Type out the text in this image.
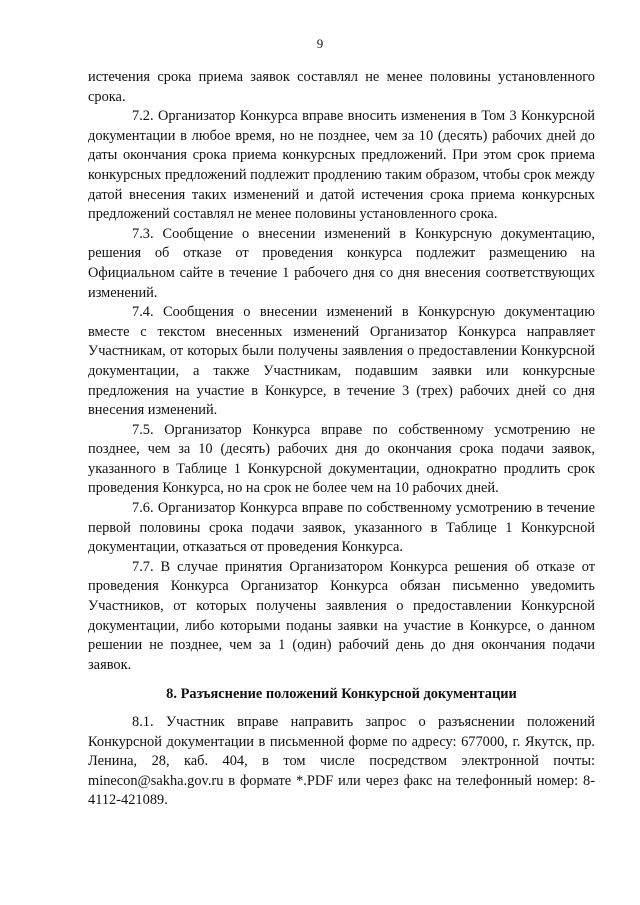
9

истечения срока приема заявок составлял не менее половины установленного срока.

7.2. Организатор Конкурса вправе вносить изменения в Том 3 Конкурсной документации в любое время, но не позднее, чем за 10 (десять) рабочих дней до даты окончания срока приема конкурсных предложений. При этом срок приема конкурсных предложений подлежит продлению таким образом, чтобы срок между датой внесения таких изменений и датой истечения срока приема конкурсных предложений составлял не менее половины установленного срока.

7.3. Сообщение о внесении изменений в Конкурсную документацию, решения об отказе от проведения конкурса подлежит размещению на Официальном сайте в течение 1 рабочего дня со дня внесения соответствующих изменений.

7.4. Сообщения о внесении изменений в Конкурсную документацию вместе с текстом внесенных изменений Организатор Конкурса направляет Участникам, от которых были получены заявления о предоставлении Конкурсной документации, а также Участникам, подавшим заявки или конкурсные предложения на участие в Конкурсе, в течение 3 (трех) рабочих дней со дня внесения изменений.

7.5. Организатор Конкурса вправе по собственному усмотрению не позднее, чем за 10 (десять) рабочих дня до окончания срока подачи заявок, указанного в Таблице 1 Конкурсной документации, однократно продлить срок проведения Конкурса, но на срок не более чем на 10 рабочих дней.

7.6. Организатор Конкурса вправе по собственному усмотрению в течение первой половины срока подачи заявок, указанного в Таблице 1 Конкурсной документации, отказаться от проведения Конкурса.

7.7. В случае принятия Организатором Конкурса решения об отказе от проведения Конкурса Организатор Конкурса обязан письменно уведомить Участников, от которых получены заявления о предоставлении Конкурсной документации, либо которыми поданы заявки на участие в Конкурсе, о данном решении не позднее, чем за 1 (один) рабочий день до дня окончания подачи заявок.

8. Разъяснение положений Конкурсной документации

8.1. Участник вправе направить запрос о разъяснении положений Конкурсной документации в письменной форме по адресу: 677000, г. Якутск, пр. Ленина, 28, каб. 404, в том числе посредством электронной почты: minecon@sakha.gov.ru в формате *.PDF или через факс на телефонный номер: 8-4112-421089.
